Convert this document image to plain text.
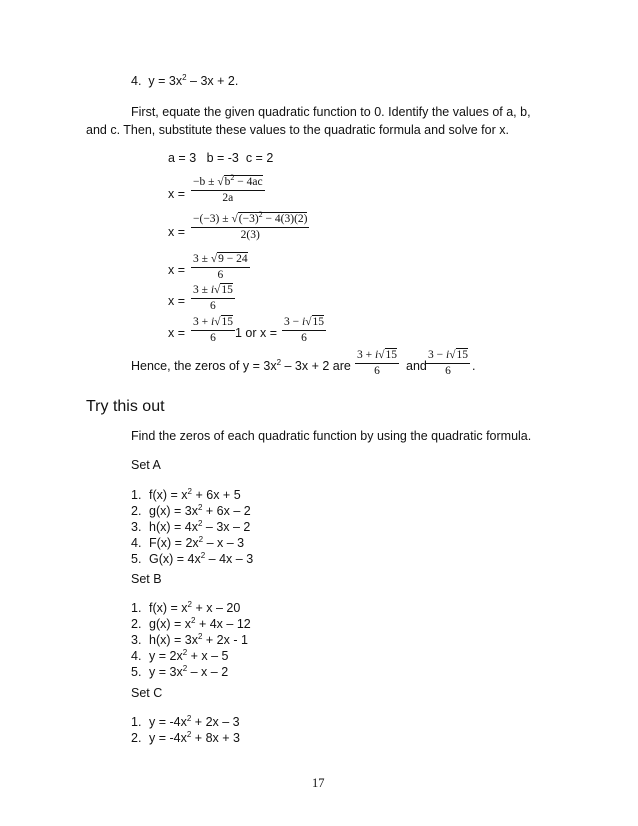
4. $y = 3x^2 - 3x + 2$.
First, equate the given quadratic function to 0. Identify the values of a, b,
and c. Then, substitute these values to the quadratic formula and solve for x.
a = 3   b = -3  c = 2
$x = \frac{-b \pm √b^2 - 4ac}{2a}$
$x = \frac{-(-3) \pm √(-3)^2 - 4(3)(2)}{2(3)}$
$x = \frac{3 \pm √9 - 24}{6}$
$x = \frac{3 \pm i√15}{6}$
$x = \frac{3 + i√15}{6} 1$ or $x = \frac{3 - i√15}{6}$
Hence, the zeros of $y = 3x^2 - 3x + 2$ are $\frac{3 + i√15}{6}$ and $\frac{3 - i√15}{6}$ .
Try this out
Find the zeros of each quadratic function by using the quadratic formula.
Set A
1. $f(x) = x^2 + 6x + 5$
2. $g(x) = 3x^2 + 6x - 2$
3. $h(x) = 4x^2 - 3x - 2$
4. $F(x) = 2x^2 - x - 3$
5. $G(x) = 4x^2 - 4x - 3$
Set B
1. $f(x) = x^2 + x - 20$
2. $g(x) = x^2 + 4x - 12$
3. $h(x) = 3x^2 + 2x - 1$
4. $y = 2x^2 + x - 5$
5. $y = 3x^2 - x - 2$
Set C
1. $y = -4x^2 + 2x - 3$
2. $y = -4x^2 + 8x + 3$
17
